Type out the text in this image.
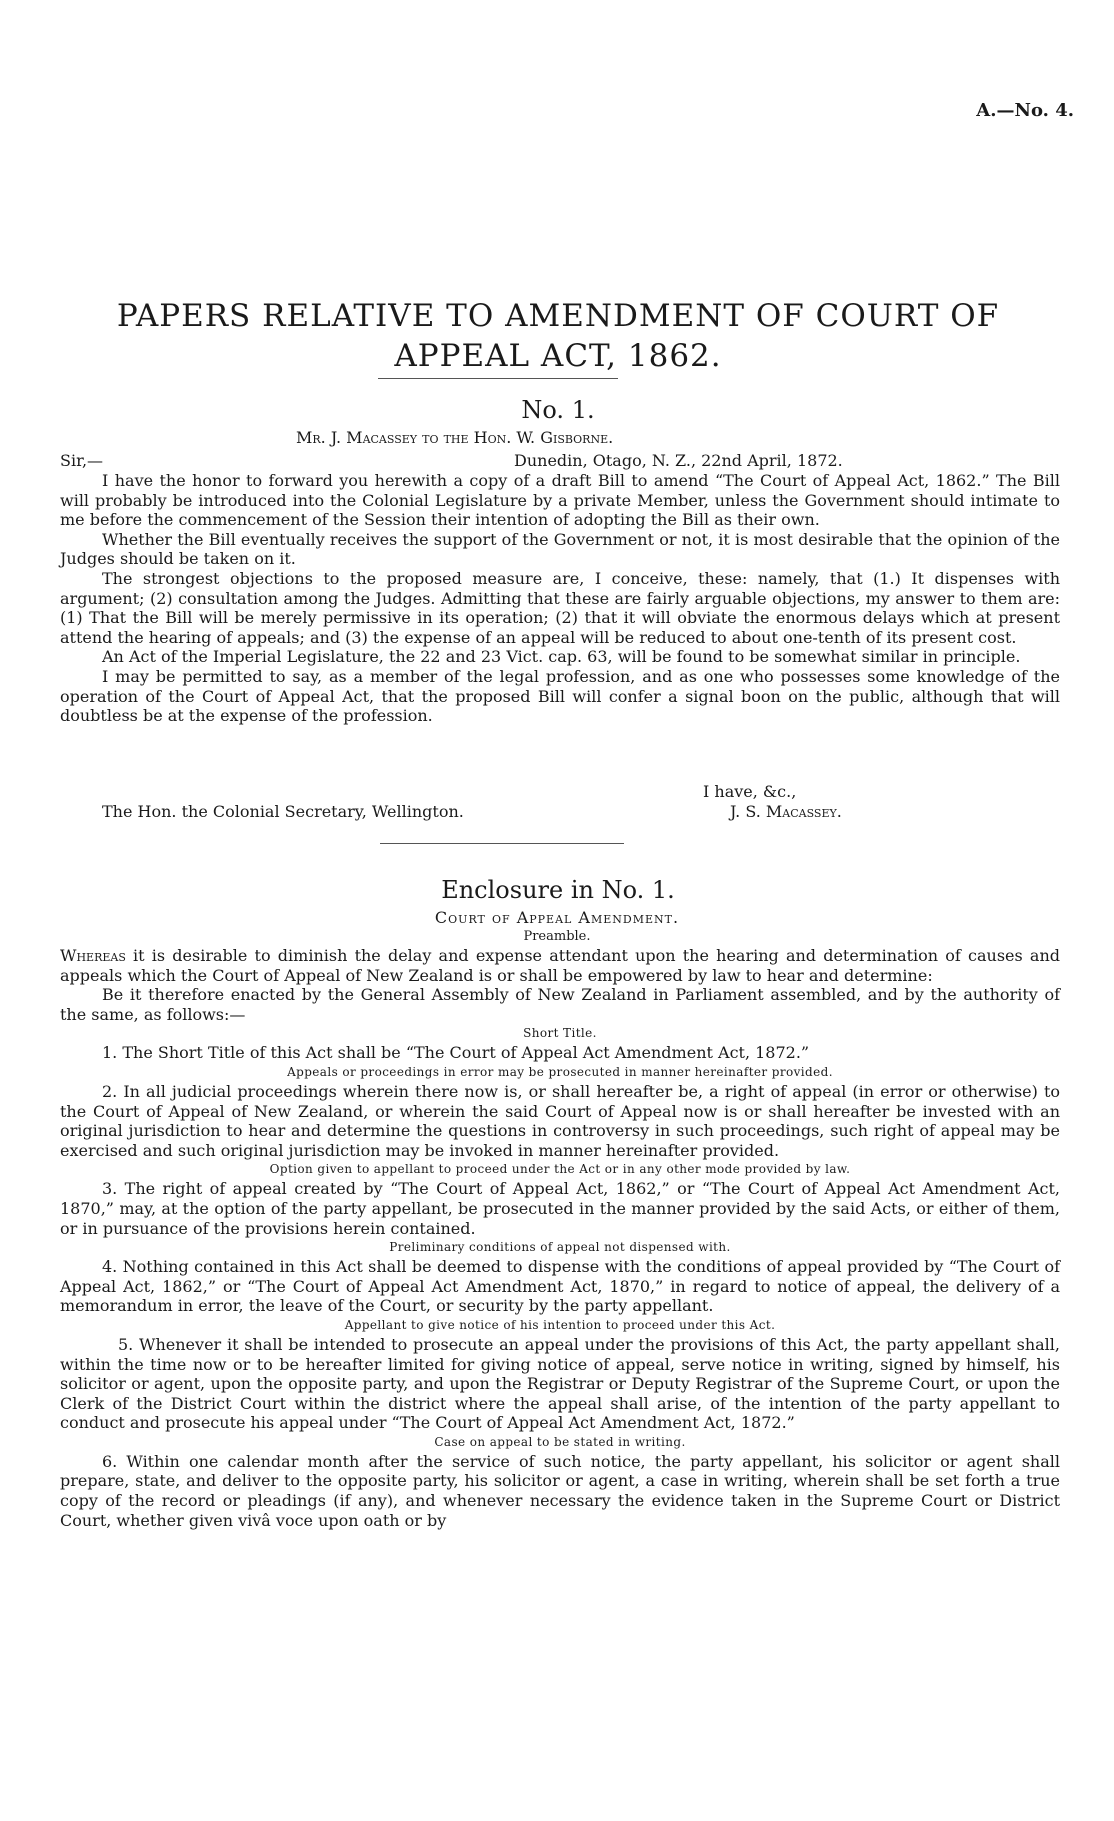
A.—No. 4.
PAPERS RELATIVE TO AMENDMENT OF COURT OF APPEAL ACT, 1862.
No. 1.
Mr. J. Macassey to the Hon. W. Gisborne.
Sir,—	Dunedin, Otago, N. Z., 22nd April, 1872.

I have the honor to forward you herewith a copy of a draft Bill to amend “The Court of Appeal Act, 1862.” The Bill will probably be introduced into the Colonial Legislature by a private Member, unless the Government should intimate to me before the commencement of the Session their intention of adopting the Bill as their own.

Whether the Bill eventually receives the support of the Government or not, it is most desirable that the opinion of the Judges should be taken on it.

The strongest objections to the proposed measure are, I conceive, these: namely, that (1.) It dispenses with argument; (2) consultation among the Judges. Admitting that these are fairly arguable objections, my answer to them are: (1) That the Bill will be merely permissive in its operation; (2) that it will obviate the enormous delays which at present attend the hearing of appeals; and (3) the expense of an appeal will be reduced to about one-tenth of its present cost.

An Act of the Imperial Legislature, the 22 and 23 Vict. cap. 63, will be found to be somewhat similar in principle.

I may be permitted to say, as a member of the legal profession, and as one who possesses some knowledge of the operation of the Court of Appeal Act, that the proposed Bill will confer a signal boon on the public, although that will doubtless be at the expense of the profession.

I have, &c.,
The Hon. the Colonial Secretary, Wellington.	J. S. Macassey.
Enclosure in No. 1.
Court of Appeal Amendment.
Preamble.

Whereas it is desirable to diminish the delay and expense attendant upon the hearing and determination of causes and appeals which the Court of Appeal of New Zealand is or shall be empowered by law to hear and determine:

Be it therefore enacted by the General Assembly of New Zealand in Parliament assembled, and by the authority of the same, as follows:—

Short Title.

1. The Short Title of this Act shall be “The Court of Appeal Act Amendment Act, 1872.”

Appeals or proceedings in error may be prosecuted in manner hereinafter provided.

2. In all judicial proceedings wherein there now is, or shall hereafter be, a right of appeal (in error or otherwise) to the Court of Appeal of New Zealand, or wherein the said Court of Appeal now is or shall hereafter be invested with an original jurisdiction to hear and determine the questions in controversy in such proceedings, such right of appeal may be exercised and such original jurisdiction may be invoked in manner hereinafter provided.

Option given to appellant to proceed under the Act or in any other mode provided by law.

3. The right of appeal created by “The Court of Appeal Act, 1862,” or “The Court of Appeal Act Amendment Act, 1870,” may, at the option of the party appellant, be prosecuted in the manner provided by the said Acts, or either of them, or in pursuance of the provisions herein contained.

Preliminary conditions of appeal not dispensed with.

4. Nothing contained in this Act shall be deemed to dispense with the conditions of appeal provided by “The Court of Appeal Act, 1862,” or “The Court of Appeal Act Amendment Act, 1870,” in regard to notice of appeal, the delivery of a memorandum in error, the leave of the Court, or security by the party appellant.

Appellant to give notice of his intention to proceed under this Act.

5. Whenever it shall be intended to prosecute an appeal under the provisions of this Act, the party appellant shall, within the time now or to be hereafter limited for giving notice of appeal, serve notice in writing, signed by himself, his solicitor or agent, upon the opposite party, and upon the Registrar or Deputy Registrar of the Supreme Court, or upon the Clerk of the District Court within the district where the appeal shall arise, of the intention of the party appellant to conduct and prosecute his appeal under “The Court of Appeal Act Amendment Act, 1872.”

Case on appeal to be stated in writing.

6. Within one calendar month after the service of such notice, the party appellant, his solicitor or agent shall prepare, state, and deliver to the opposite party, his solicitor or agent, a case in writing, wherein shall be set forth a true copy of the record or pleadings (if any), and whenever necessary the evidence taken in the Supreme Court or District Court, whether given vivâ voce upon oath or by
